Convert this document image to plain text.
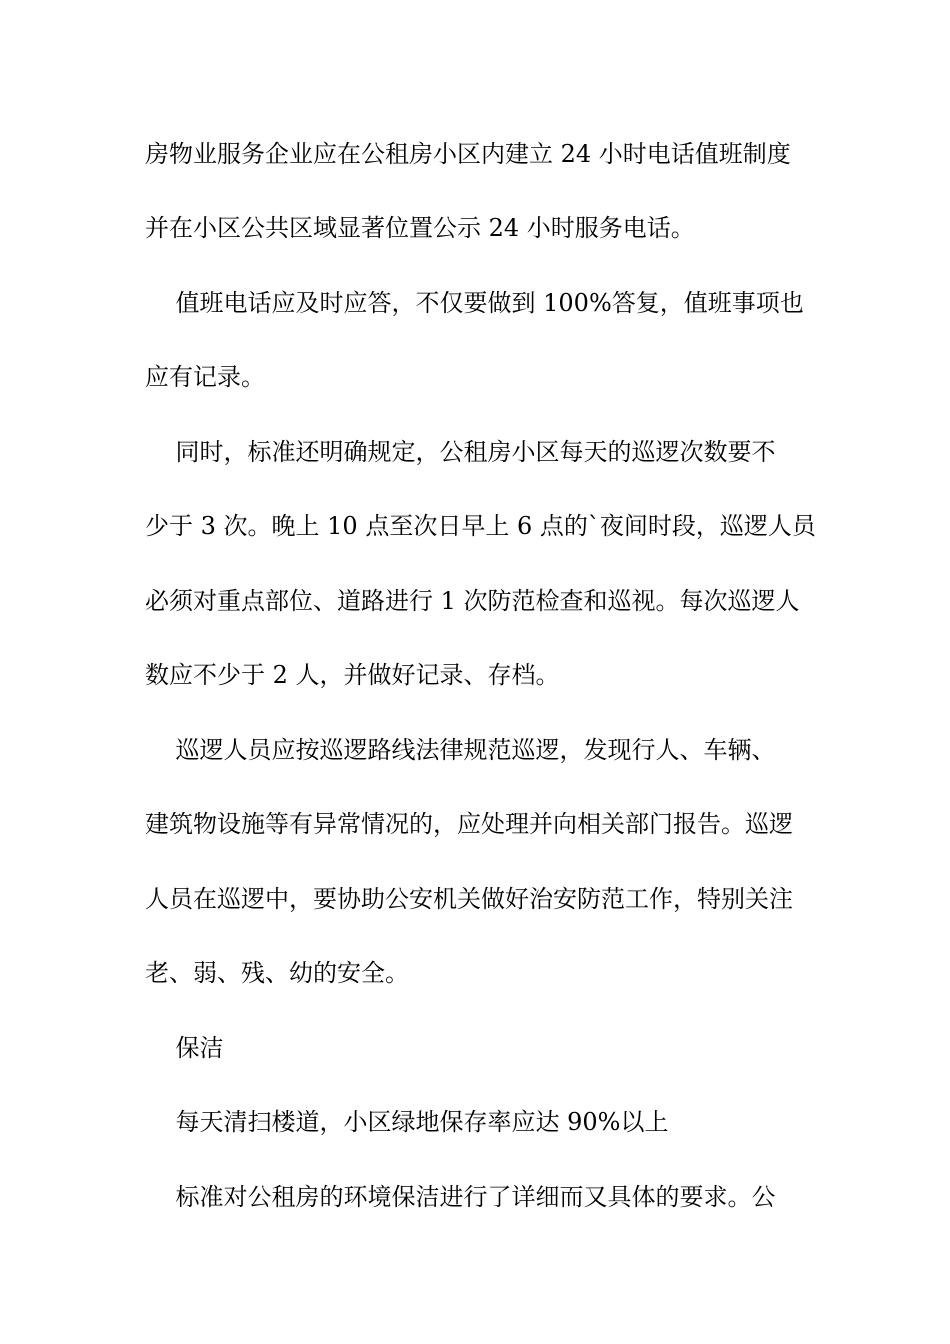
房物业服务企业应在公租房小区内建立 24 小时电话值班制度
并在小区公共区域显著位置公示 24 小时服务电话。
值班电话应及时应答，不仅要做到 100%答复，值班事项也
应有记录。
同时，标准还明确规定，公租房小区每天的巡逻次数要不
少于 3 次。晚上 10 点至次日早上 6 点的`夜间时段，巡逻人员
必须对重点部位、道路进行 1 次防范检查和巡视。每次巡逻人
数应不少于 2 人，并做好记录、存档。
巡逻人员应按巡逻路线法律规范巡逻，发现行人、车辆、
建筑物设施等有异常情况的，应处理并向相关部门报告。巡逻
人员在巡逻中，要协助公安机关做好治安防范工作，特别关注
老、弱、残、幼的安全。
保洁
每天清扫楼道，小区绿地保存率应达 90%以上
标准对公租房的环境保洁进行了详细而又具体的要求。公
